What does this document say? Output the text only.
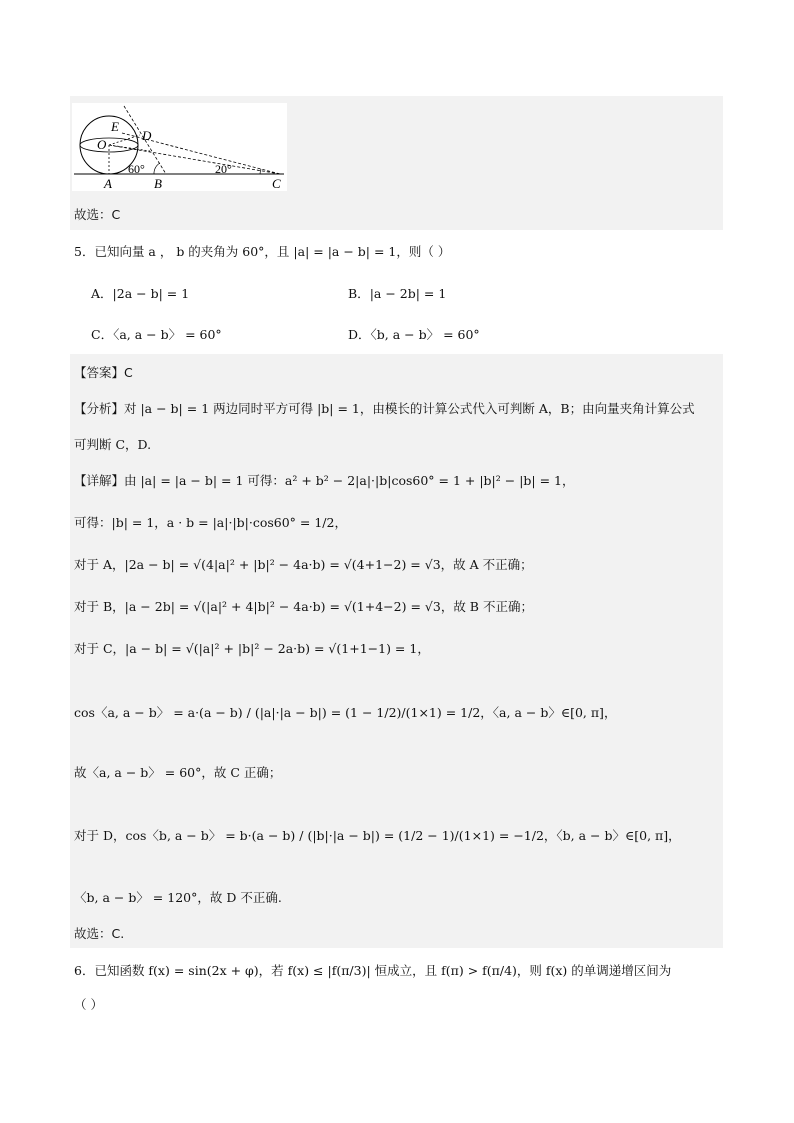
E
D
O
A	B	C
60°	20°
故选：C
5．已知向量 a ， b 的夹角为 60°，且 |a| = |a − b| = 1，则（ ）
A．|2a − b| = 1	B．|a − 2b| = 1
C．〈a, a − b〉 = 60°	D．〈b, a − b〉 = 60°
【答案】C
【分析】对 |a − b| = 1 两边同时平方可得 |b| = 1，由模长的计算公式代入可判断 A，B；由向量夹角计算公式
可判断 C，D.
【详解】由 |a| = |a − b| = 1 可得：a² + b² − 2|a|·|b|cos60° = 1 + |b|² − |b| = 1，
可得：|b| = 1，a · b = |a|·|b|·cos60° = 1/2，
对于 A，|2a − b| = √(4|a|² + |b|² − 4a·b) = √(4+1−2) = √3，故 A 不正确；
对于 B，|a − 2b| = √(|a|² + 4|b|² − 4a·b) = √(1+4−2) = √3，故 B 不正确；
对于 C，|a − b| = √(|a|² + |b|² − 2a·b) = √(1+1−1) = 1，
cos〈a, a − b〉 = a·(a − b) / (|a|·|a − b|) = (1 − 1/2)/(1×1) = 1/2，〈a, a − b〉∈[0, π]，
故〈a, a − b〉 = 60°，故 C 正确；
对于 D，cos〈b, a − b〉 = b·(a − b) / (|b|·|a − b|) = (1/2 − 1)/(1×1) = −1/2，〈b, a − b〉∈[0, π]，
〈b, a − b〉 = 120°，故 D 不正确.
故选：C.
6．已知函数 f(x) = sin(2x + φ)，若 f(x) ≤ |f(π/3)| 恒成立，且 f(π) > f(π/4)，则 f(x) 的单调递增区间为
（ ）
